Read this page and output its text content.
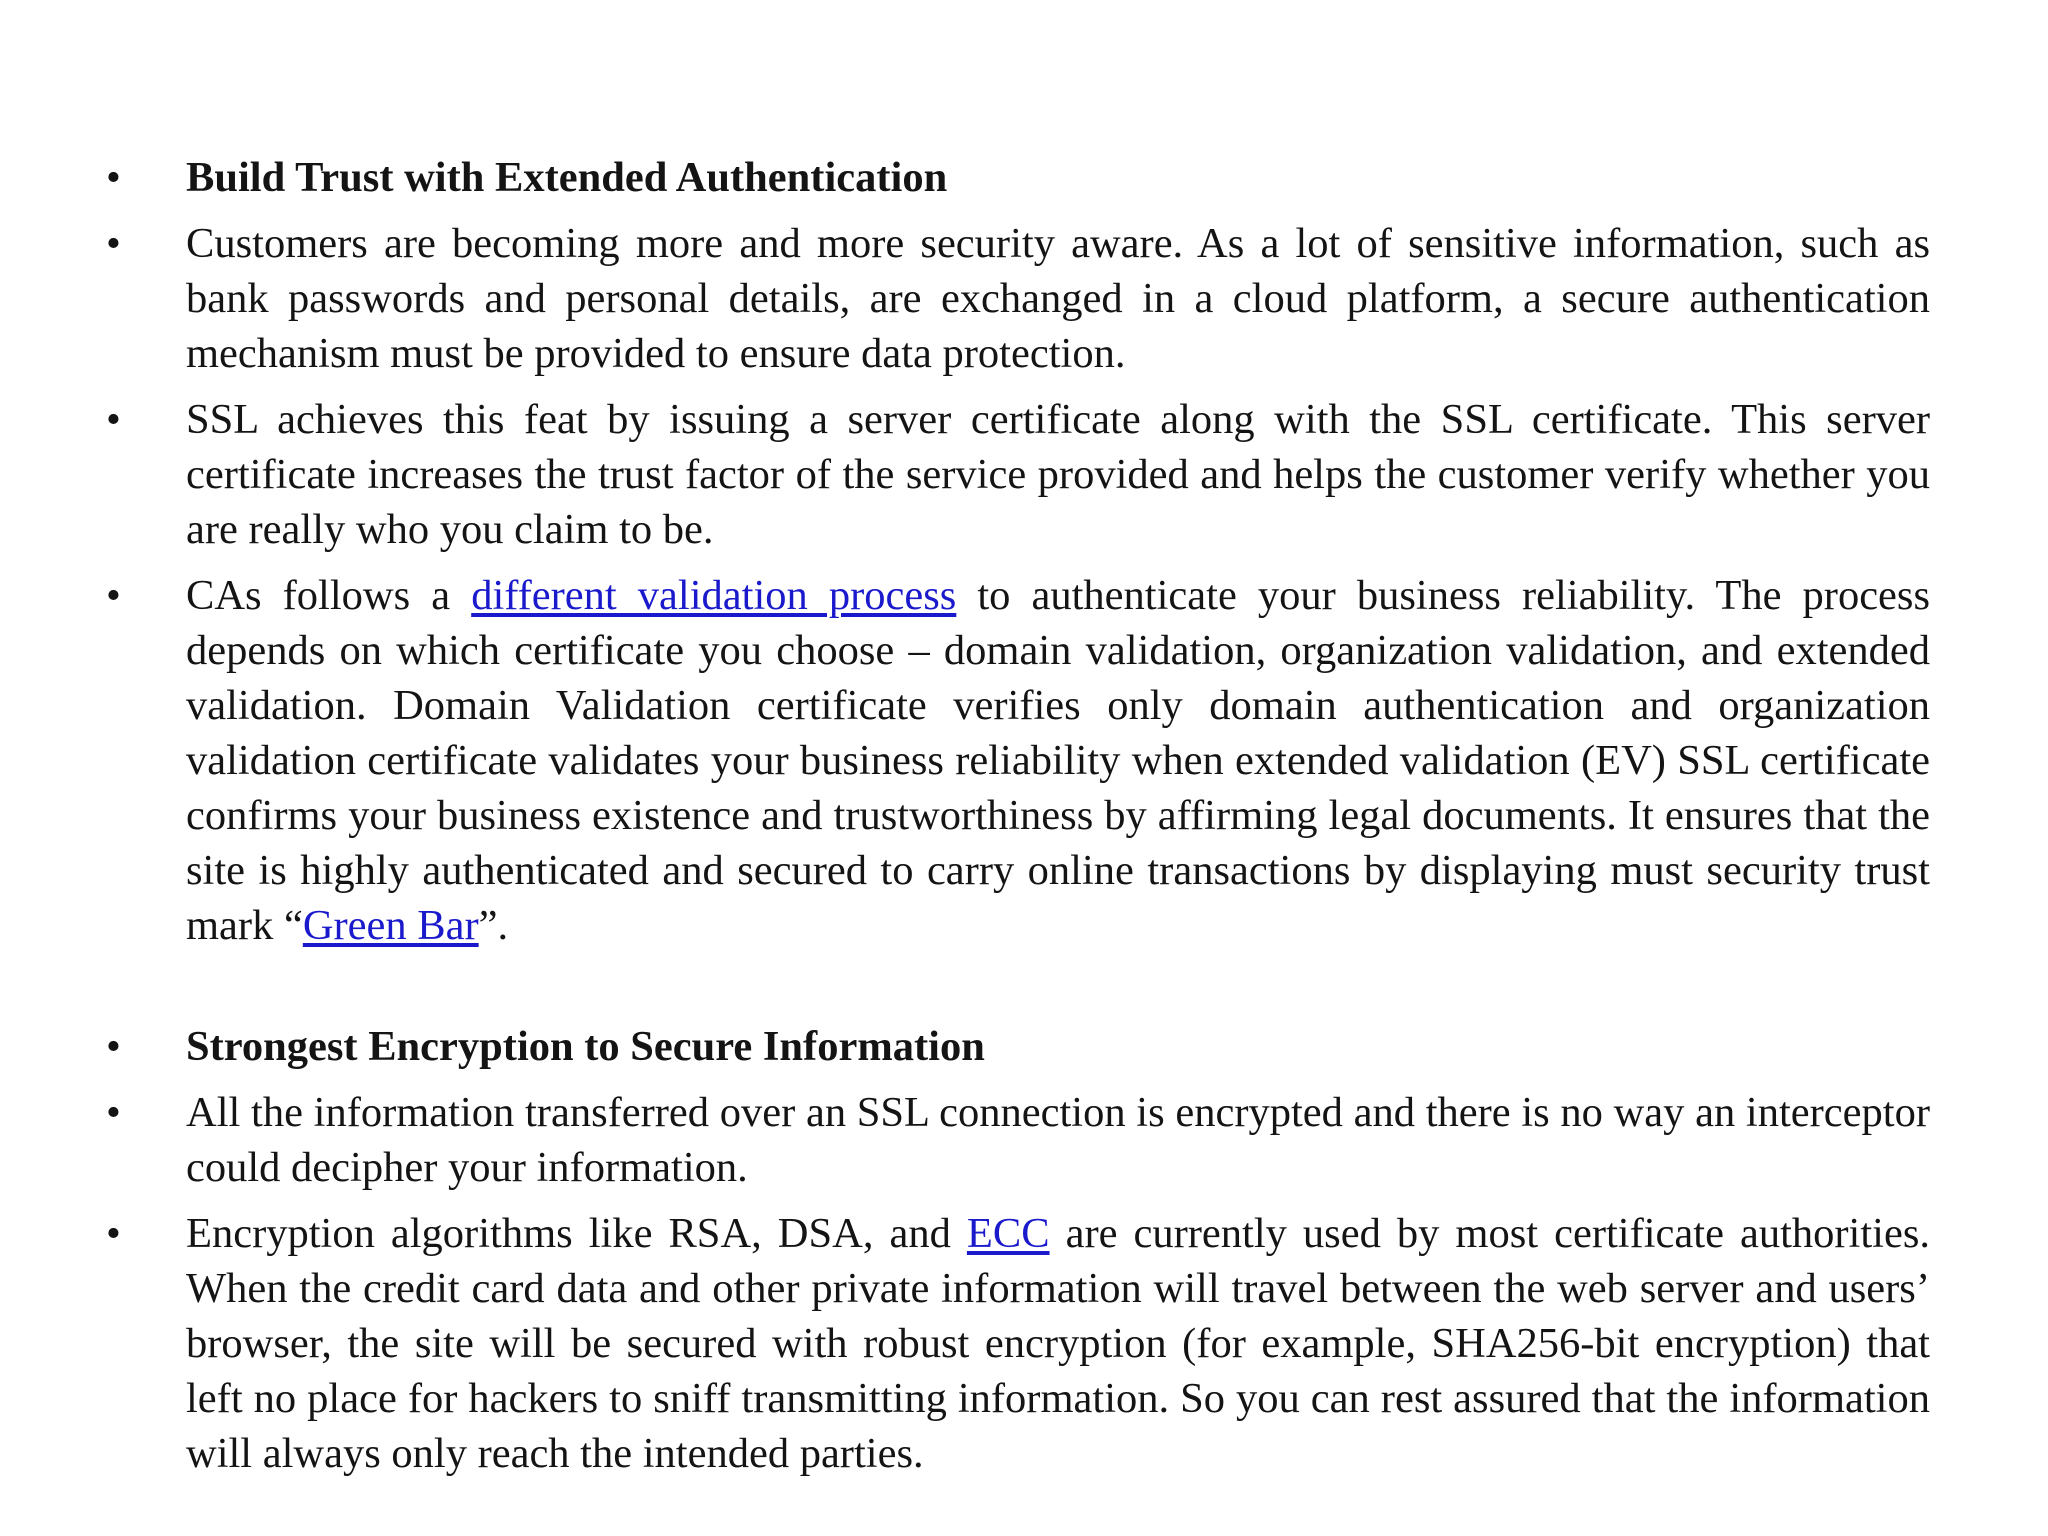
• Build Trust with Extended Authentication
• Customers are becoming more and more security aware. As a lot of sensitive information, such as bank passwords and personal details, are exchanged in a cloud platform, a secure authentication mechanism must be provided to ensure data protection.
• SSL achieves this feat by issuing a server certificate along with the SSL certificate. This server certificate increases the trust factor of the service provided and helps the customer verify whether you are really who you claim to be.
• CAs follows a different validation process to authenticate your business reliability. The process depends on which certificate you choose – domain validation, organization validation, and extended validation. Domain Validation certificate verifies only domain authentication and organization validation certificate validates your business reliability when extended validation (EV) SSL certificate confirms your business existence and trustworthiness by affirming legal documents. It ensures that the site is highly authenticated and secured to carry online transactions by displaying must security trust mark “Green Bar”.
• Strongest Encryption to Secure Information
• All the information transferred over an SSL connection is encrypted and there is no way an interceptor could decipher your information.
• Encryption algorithms like RSA, DSA, and ECC are currently used by most certificate authorities. When the credit card data and other private information will travel between the web server and users’ browser, the site will be secured with robust encryption (for example, SHA256-bit encryption) that left no place for hackers to sniff transmitting information. So you can rest assured that the information will always only reach the intended parties.
